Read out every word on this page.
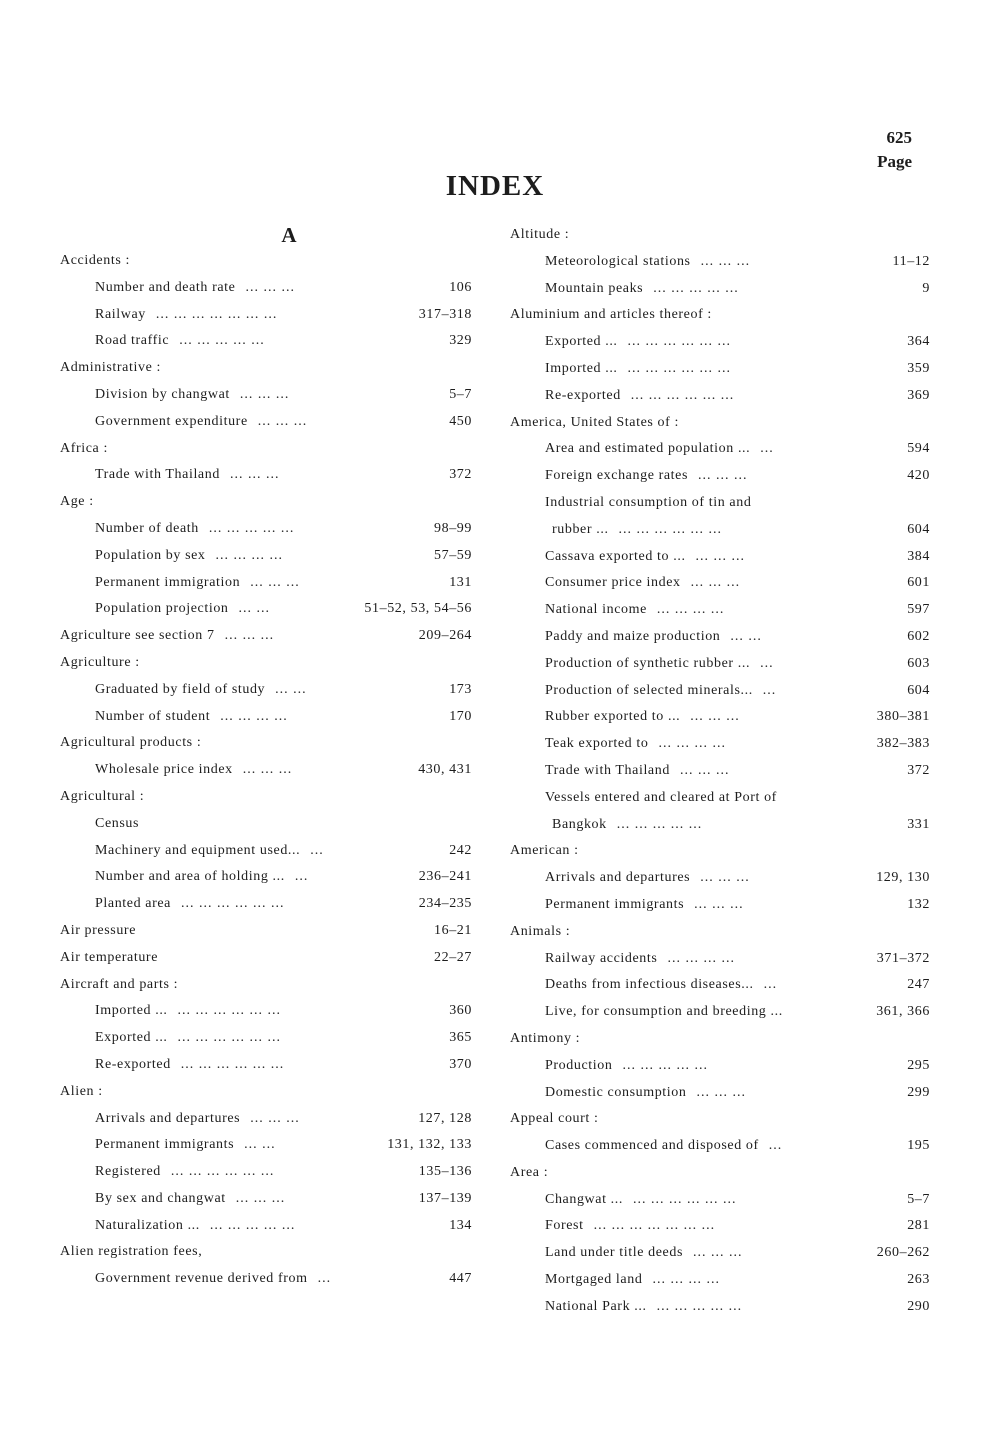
625
Page
INDEX
A
Accidents :
Number and death rate ... ... ...	106
Railway ... ... ... ... ... ... ...	317–318
Road traffic ... ... ... ... ...	329
Administrative :
Division by changwat ... ... ...	5–7
Government expenditure ... ... ...	450
Africa :
Trade with Thailand ... ... ...	372
Age :
Number of death ... ... ... ... ...	98–99
Population by sex ... ... ... ...	57–59
Permanent immigration ... ... ...	131
Population projection ... ...	51–52, 53, 54–56
Agriculture see section 7 ... ... ...	209–264
Agriculture :
Graduated by field of study ... ...	173
Number of student ... ... ... ...	170
Agricultural products :
Wholesale price index ... ... ...	430, 431
Agricultural :
Census
Machinery and equipment used... ...	242
Number and area of holding ... ...	236–241
Planted area ... ... ... ... ... ...	234–235
Air pressure	16–21
Air temperature	22–27
Aircraft and parts :
Imported ... ... ... ... ... ... ...	360
Exported ... ... ... ... ... ... ...	365
Re-exported ... ... ... ... ... ...	370
Alien :
Arrivals and departures ... ... ...	127, 128
Permanent immigrants ... ...	131, 132, 133
Registered ... ... ... ... ... ...	135–136
By sex and changwat ... ... ...	137–139
Naturalization ... ... ... ... ... ...	134
Alien registration fees,
Government revenue derived from ...	447
Altitude :
Meteorological stations ... ... ...	11–12
Mountain peaks ... ... ... ... ...	9
Aluminium and articles thereof :
Exported ... ... ... ... ... ... ...	364
Imported ... ... ... ... ... ... ...	359
Re-exported ... ... ... ... ... ...	369
America, United States of :
Area and estimated population ... ...	594
Foreign exchange rates ... ... ...	420
Industrial consumption of tin and
rubber ... ... ... ... ... ... ...	604
Cassava exported to ... ... ... ...	384
Consumer price index ... ... ...	601
National income ... ... ... ...	597
Paddy and maize production ... ...	602
Production of synthetic rubber ... ...	603
Production of selected minerals... ...	604
Rubber exported to ... ... ... ...	380–381
Teak exported to ... ... ... ...	382–383
Trade with Thailand ... ... ...	372
Vessels entered and cleared at Port of
Bangkok ... ... ... ... ...	331
American :
Arrivals and departures ... ... ...	129, 130
Permanent immigrants ... ... ...	132
Animals :
Railway accidents ... ... ... ...	371–372
Deaths from infectious diseases... ...	247
Live, for consumption and breeding ...	361, 366
Antimony :
Production ... ... ... ... ...	295
Domestic consumption ... ... ...	299
Appeal court :
Cases commenced and disposed of ...	195
Area :
Changwat ... ... ... ... ... ... ...	5–7
Forest ... ... ... ... ... ... ...	281
Land under title deeds ... ... ...	260–262
Mortgaged land ... ... ... ...	263
National Park ... ... ... ... ... ...	290
